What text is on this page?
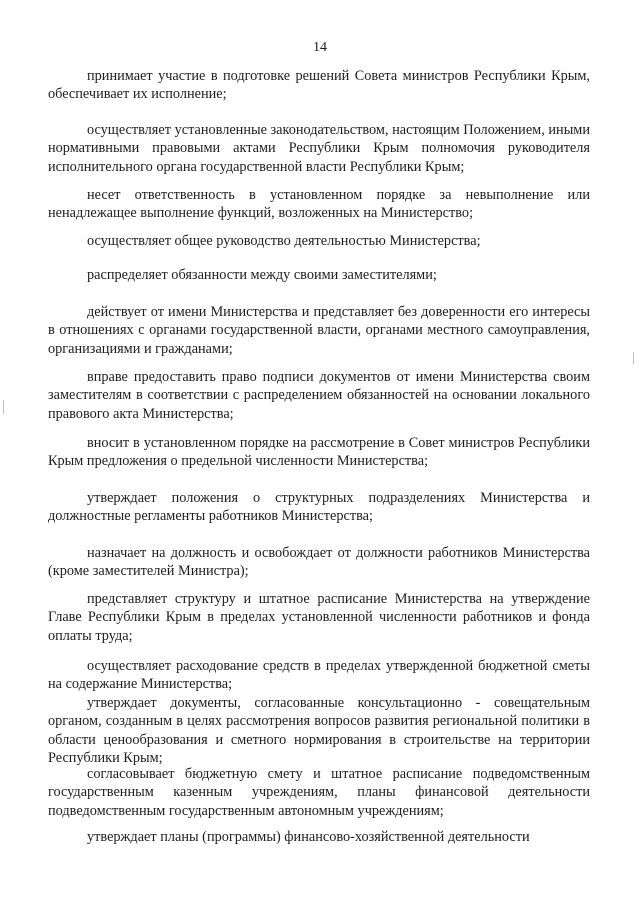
14

принимает участие в подготовке решений Совета министров Республики Крым, обеспечивает их исполнение;

осуществляет установленные законодательством, настоящим Положением, иными нормативными правовыми актами Республики Крым полномочия руководителя исполнительного органа государственной власти Республики Крым;

несет ответственность в установленном порядке за невыполнение или ненадлежащее выполнение функций, возложенных на Министерство;

осуществляет общее руководство деятельностью Министерства;

распределяет обязанности между своими заместителями;

действует от имени Министерства и представляет без доверенности его интересы в отношениях с органами государственной власти, органами местного самоуправления, организациями и гражданами;

вправе предоставить право подписи документов от имени Министерства своим заместителям в соответствии с распределением обязанностей на основании локального правового акта Министерства;

вносит в установленном порядке на рассмотрение в Совет министров Республики Крым предложения о предельной численности Министерства;

утверждает положения о структурных подразделениях Министерства и должностные регламенты работников Министерства;

назначает на должность и освобождает от должности работников Министерства (кроме заместителей Министра);

представляет структуру и штатное расписание Министерства на утверждение Главе Республики Крым в пределах установленной численности работников и фонда оплаты труда;

осуществляет расходование средств в пределах утвержденной бюджетной сметы на содержание Министерства;

утверждает документы, согласованные консультационно - совещательным органом, созданным в целях рассмотрения вопросов развития региональной политики в области ценообразования и сметного нормирования в строительстве на территории Республики Крым;

согласовывает бюджетную смету и штатное расписание подведомственным государственным казенным учреждениям, планы финансовой деятельности подведомственным государственным автономным учреждениям;

утверждает планы (программы) финансово-хозяйственной деятельности
